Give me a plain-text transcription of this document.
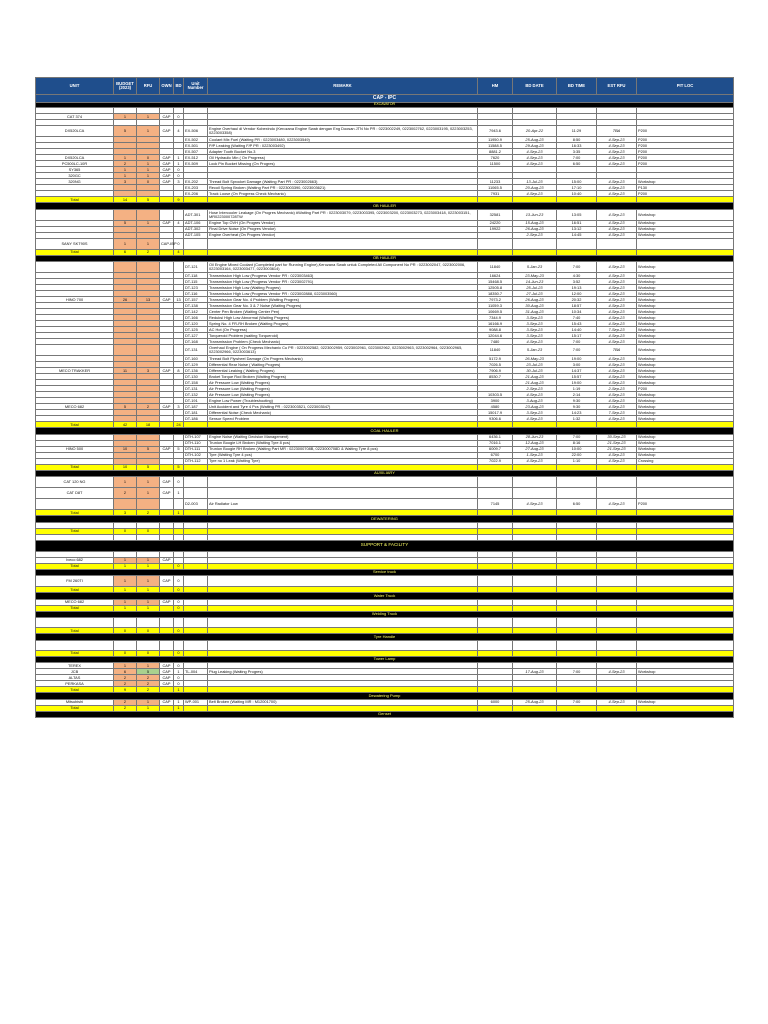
UNIT	BUDGET (2023)	RFU	OWN	BD	Unit Number	REMARK	HM	BD DATE	BD TIME	EST RFU	PIT LOC
CAP - IPC											
EXCAVATOR											

CAT 374	1	1	CAP	0							

DX520LCA	5	1	CAP	4	EX-506	Engine Overhaul di Vendor Kobexindo (Kerozana Engine Swab dengan Eng Doosan JTN No PR : 0223002249, 0223002762, 0223003195, 0223003253, 0223003358)	7943.6	20-Apr-22	11:29	TBA	P200
					EX-502	Coolant Mix Fuel (Waiting PR : 0223003480, 0223003549)	11950.9	25-Aug-23	8:50	4-Sep-23	P200
					EX-501	P/P Leaking (Waiting F/P PR : 0223003492)	11588.5	29-Aug-23	16:33	4-Sep-23	P200
					EX-507	Adapter Tooth Bucket No.3	8881.2	4-Sep-23	3:35	4-Sep-23	P200
DX520LCA	1	0	CAP	1	EX-512	Oil Hydraulic Min ( On Progress)	7620	4-Sep-23	7:00	4-Sep-23	P200
PC500LC-10R	2	1	CAP	1	EX-509	Lock Pin Bucket Missing (On Progres)	11500	4-Sep-23	6:50	4-Sep-23	P200
SY365	1	1	CAP	0							
320GC	1	1	CAP	0							
320NG	3	0	CAP	3	EX-202	Thread Bolt Sprocket Damage (Waiting Part PR : 0223002663)	11233	13-Jul-23	15:00	4-Sep-23	Workshop
					EX-203	Recoil Spring Broken (Waiting Part PR : 0223003390, 0223003621)	11065.5	20-Aug-23	17:10	4-Sep-23	P130
					EX-206	Track Loose (On Progress Check Mechanic)	7931	4-Sep-23	10:40	4-Sep-23	P200
Total	14	5		9							
OB HAULER											
					ADT-301	Hose Intercooler Leakage (On Progres Mechanic) #Waiting Part PR : 0223003079, 0223003395, 0223003200, 0223003273, 0223003418, 0223003151, MR0223000728TW	32581	13-Jun-23	13:05	4-Sep-23	Workshop
	5	1	CAP	4	ADT-106	Engine Top OVH (On Progres Vendor)	24220	15-Aug-23	16:51	4-Sep-23	Workshop
					ADT-302	Final Drive Noise (On Progres Vendor)	19922	26-Aug-23	13:12	4-Sep-23	Workshop
					ADT-105	Engine Overheat (On Progres Vendor)		2-Sep-23	14:45	4-Sep-23	Workshop
SANY SKT90S	1	1	CAP-IBP	0							
Total	6	2		4							
OB HAULER											
					DT-121	Oil Engine Mixed Coolant (Completed part for Running Engine),Kerozana Swab untuk Completed All Component No PR : 0223002047, 0223002006, 0223003164, 0223003477, 0223003614)	11840	5-Jan-23	7:00	4-Sep-23	Workshop
					DT-118	Transmission High Low (Progress Vendor PR : 0223003463)	16624	23-May-23	4:30	4-Sep-23	Workshop
					DT-115	Transmission High Low (Progress Vendor PR : 0223002791)	15468.5	14-Jun-23	3:52	4-Sep-23	Workshop
					DT-123	Transmission High Low (Waiting Progres)	12505.8	25-Jul-23	19:13	4-Sep-23	Workshop
					DT-116	Transmission High Low (Progress Vendor PR : 0223002888, 0223003560)	18350.7	27-Jul-23	12:00	4-Sep-23	Workshop
HINO 700	26	13	CAP	13	DT-157	Transmission Gear No. 4 Problem (Waiting Progres)	7973.2	26-Aug-23	20:32	4-Sep-23	Workshop
					DT-138	Transmission Gear No. 3 & 7 Noise (Waiting Progres)	11059.3	30-Aug-23	18:57	4-Sep-23	Workshop
					DT-142	Center Pen Broken (Waiting Center Pen)	10669.5	31-Aug-23	10:34	4-Sep-23	Workshop
					DT-166	Reduksi High Low Abnormal (Waiting Progres)	7344.9	3-Sep-23	7:40	4-Sep-23	Workshop
					DT-120	Spring No. 4 FR-RH Broken (Waiting Progres)	16166.9	3-Sep-23	15:43	4-Sep-23	Workshop
					DT-125	AC Hot (On Progress)	9088.8	3-Sep-23	14:40	7-Sep-23	Workshop
					DT-127	Torqueroid Problem (waiting Torqueroid)	12044.6	3-Sep-23	15:17	4-Sep-23	Workshop
					DT-168	Transmission Problem (Check Mechanic)	7480	4-Sep-23	7:00	4-Sep-23	Workshop
					DT-131	Overhaul Engine ( On Progress Mechanic Cu PR : 0223002582, 0223002959, 0223002961, 0223002962, 0223002963, 0223002964, 0223002965, 0223002966, 0223003613)	11840	5-Jan-23	7:00	TBA	Workshop
					DT-160	Thread Bolt Flywheel Damage (On Progres Mechanic)	5172.9	26-May-23	19:00	4-Sep-23	Workshop
					DT-129	Differential Rear Noise ( Waiting Progres)	7026.5	23-Jul-23	3:00	4-Sep-23	Workshop
MECO TRAKKER	11	3	CAP	8	DT-136	Differential Leaking ( Waiting Progres)	7906.9	30-Jul-23	14:37	4-Sep-23	Workshop
					DT-130	Broket Torque Rod Broken (Waiting Progres)	8530.7	21-Aug-23	15:57	4-Sep-23	Workshop
					DT-158	Air Pressure Low (Waiting Progres)		21-Aug-23	19:00	4-Sep-23	Workshop
					DT-131	Air Pressure Low (Waiting Progres)		2-Sep-23	1:19	2-Sep-23	P200
					DT-132	Air Pressure Low (Waiting Progres)	10303.5	4-Sep-23	2:14	4-Sep-23	Workshop
					DT-191	Engine Low Power (Troubleshooting)	3900	3-Aug-23	9:30	4-Sep-23	Workshop
MECO 682	5	2	CAP	3	DT-187	Unit Accident and Tyre 4 Pcs (Waiting PR : 0223003521, 0223003547)	4580	23-Aug-23	9:30	4-Sep-23	Workshop
					DT-181	Differential Noise (Check Mechanic)	15017.9	3-Sep-23	14:23	7-Sep-23	Workshop
					DT-186	Sensor Speed Problem	9306.6	4-Sep-23	1:32	4-Sep-23	Workshop
Total	42	18		24							
COAL HAULER											
					DTH-107	Engine Noise (Waiting Decision Management)	6436.1	28-Jun-23	7:00	30-Sep-23	Workshop
					DTH-110	Trunion Boogie LH Broken (Waiting Tyre 8 pcs)	7016.1	12-Aug-23	8:16	21-Sep-23	Workshop
HINO 500	10	5	CAP	5	DTH-111	Trunion Boogie RH Broken (Waiting Part MR : 0223000708B, 0223000708D & Waiting Tyre 8 pcs)	6009.7	27-Aug-23	10:00	21-Sep-23	Workshop
					DTH-102	Tyre (Waiting Tyre 4 pcs)	6700	1-Sep-23	22:00	4-Sep-23	Workshop
					DTH-112	Tyre no 1 Leak (Waiting Tyre)	7022.9	4-Sep-23	1:10	4-Sep-23	Crossing
Total	10	5		5							
AUXILIARY											
CAT 120 NG	1	1	CAP	0							
CAT D8T	2	1	CAP	1							
					D2-003	Air Radiator Low	7145	4-Sep-23	6:50	4-Sep-23	P200
Total	3	2		1							
DEWATERING											

Total	0	0									

SUPPORT & FACILITY											

Iveco 682	1	1	CAP								
Total	1	1		0							
Service truck											
FM 260TI	1	1	CAP	0							
Total	1	1		0							
Water Truck											
MECO 682	1	1	CAP	0							
Total	1	1		0							
Welding Truck											

Total	0	0		0							
Tyre Handle											

Total	0	0		0							
Tower Lamp											
TEREX	1	1	CAP	0							
JCB	6	5	CAP	1	TL-004	Plug Leaking (Waiting Progres)		17-Aug-23	7:00	4-Sep-23	Workshop
ALTAS	2	2	CAP	0							
PERKASA	2	2	CAP	0							
Total	9	2		1							
Dewatering Pump											
Mitsubishi	2	1	CAP	1	WP-001	Belt Broken (Waiting MR : M12001700)	6000	25-Aug-23	7:00	4-Sep-23	Workshop
Total	2	1		1							
Genset											
